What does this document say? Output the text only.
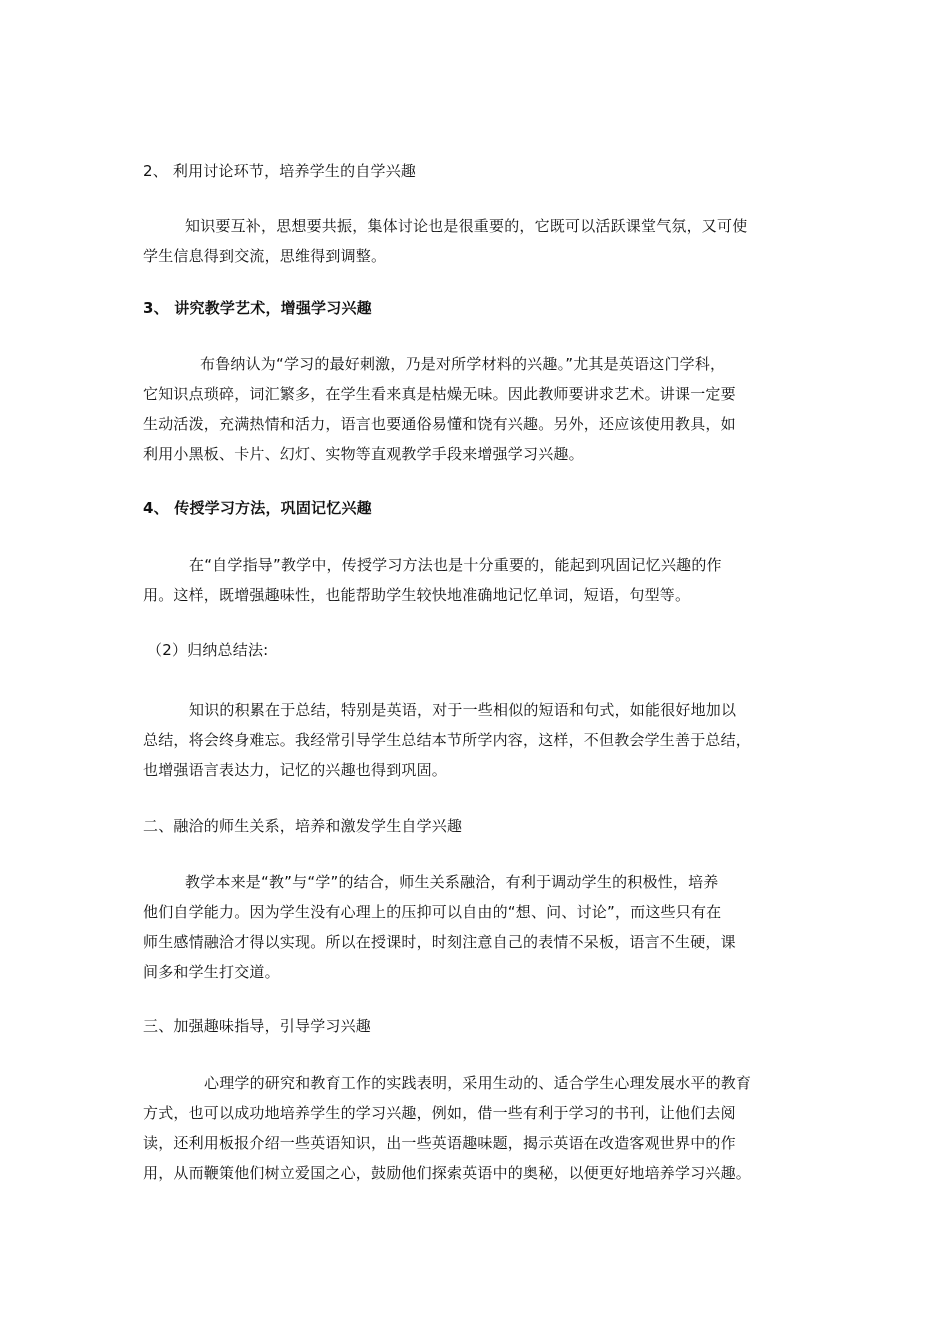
2、 利用讨论环节，培养学生的自学兴趣
知识要互补，思想要共振，集体讨论也是很重要的，它既可以活跃课堂气氛，又可使
学生信息得到交流，思维得到调整。
3、 讲究教学艺术，增强学习兴趣
布鲁纳认为“学习的最好刺激，乃是对所学材料的兴趣。”尤其是英语这门学科，
它知识点琐碎，词汇繁多，在学生看来真是枯燥无味。因此教师要讲求艺术。讲课一定要
生动活泼，充满热情和活力，语言也要通俗易懂和饶有兴趣。另外，还应该使用教具，如
利用小黑板、卡片、幻灯、实物等直观教学手段来增强学习兴趣。
4、 传授学习方法，巩固记忆兴趣
在“自学指导”教学中，传授学习方法也是十分重要的，能起到巩固记忆兴趣的作
用。这样，既增强趣味性，也能帮助学生较快地准确地记忆单词，短语，句型等。
（2）归纳总结法:
知识的积累在于总结，特别是英语，对于一些相似的短语和句式，如能很好地加以
总结，将会终身难忘。我经常引导学生总结本节所学内容，这样，不但教会学生善于总结，
也增强语言表达力，记忆的兴趣也得到巩固。
二、融洽的师生关系，培养和激发学生自学兴趣
教学本来是“教”与“学”的结合，师生关系融洽，有利于调动学生的积极性，培养
他们自学能力。因为学生没有心理上的压抑可以自由的“想、问、讨论”，而这些只有在
师生感情融洽才得以实现。所以在授课时，时刻注意自己的表情不呆板，语言不生硬，课
间多和学生打交道。
三、加强趣味指导，引导学习兴趣
心理学的研究和教育工作的实践表明，采用生动的、适合学生心理发展水平的教育
方式，也可以成功地培养学生的学习兴趣，例如，借一些有利于学习的书刊，让他们去阅
读，还利用板报介绍一些英语知识，出一些英语趣味题，揭示英语在改造客观世界中的作
用，从而鞭策他们树立爱国之心，鼓励他们探索英语中的奥秘，以便更好地培养学习兴趣。
